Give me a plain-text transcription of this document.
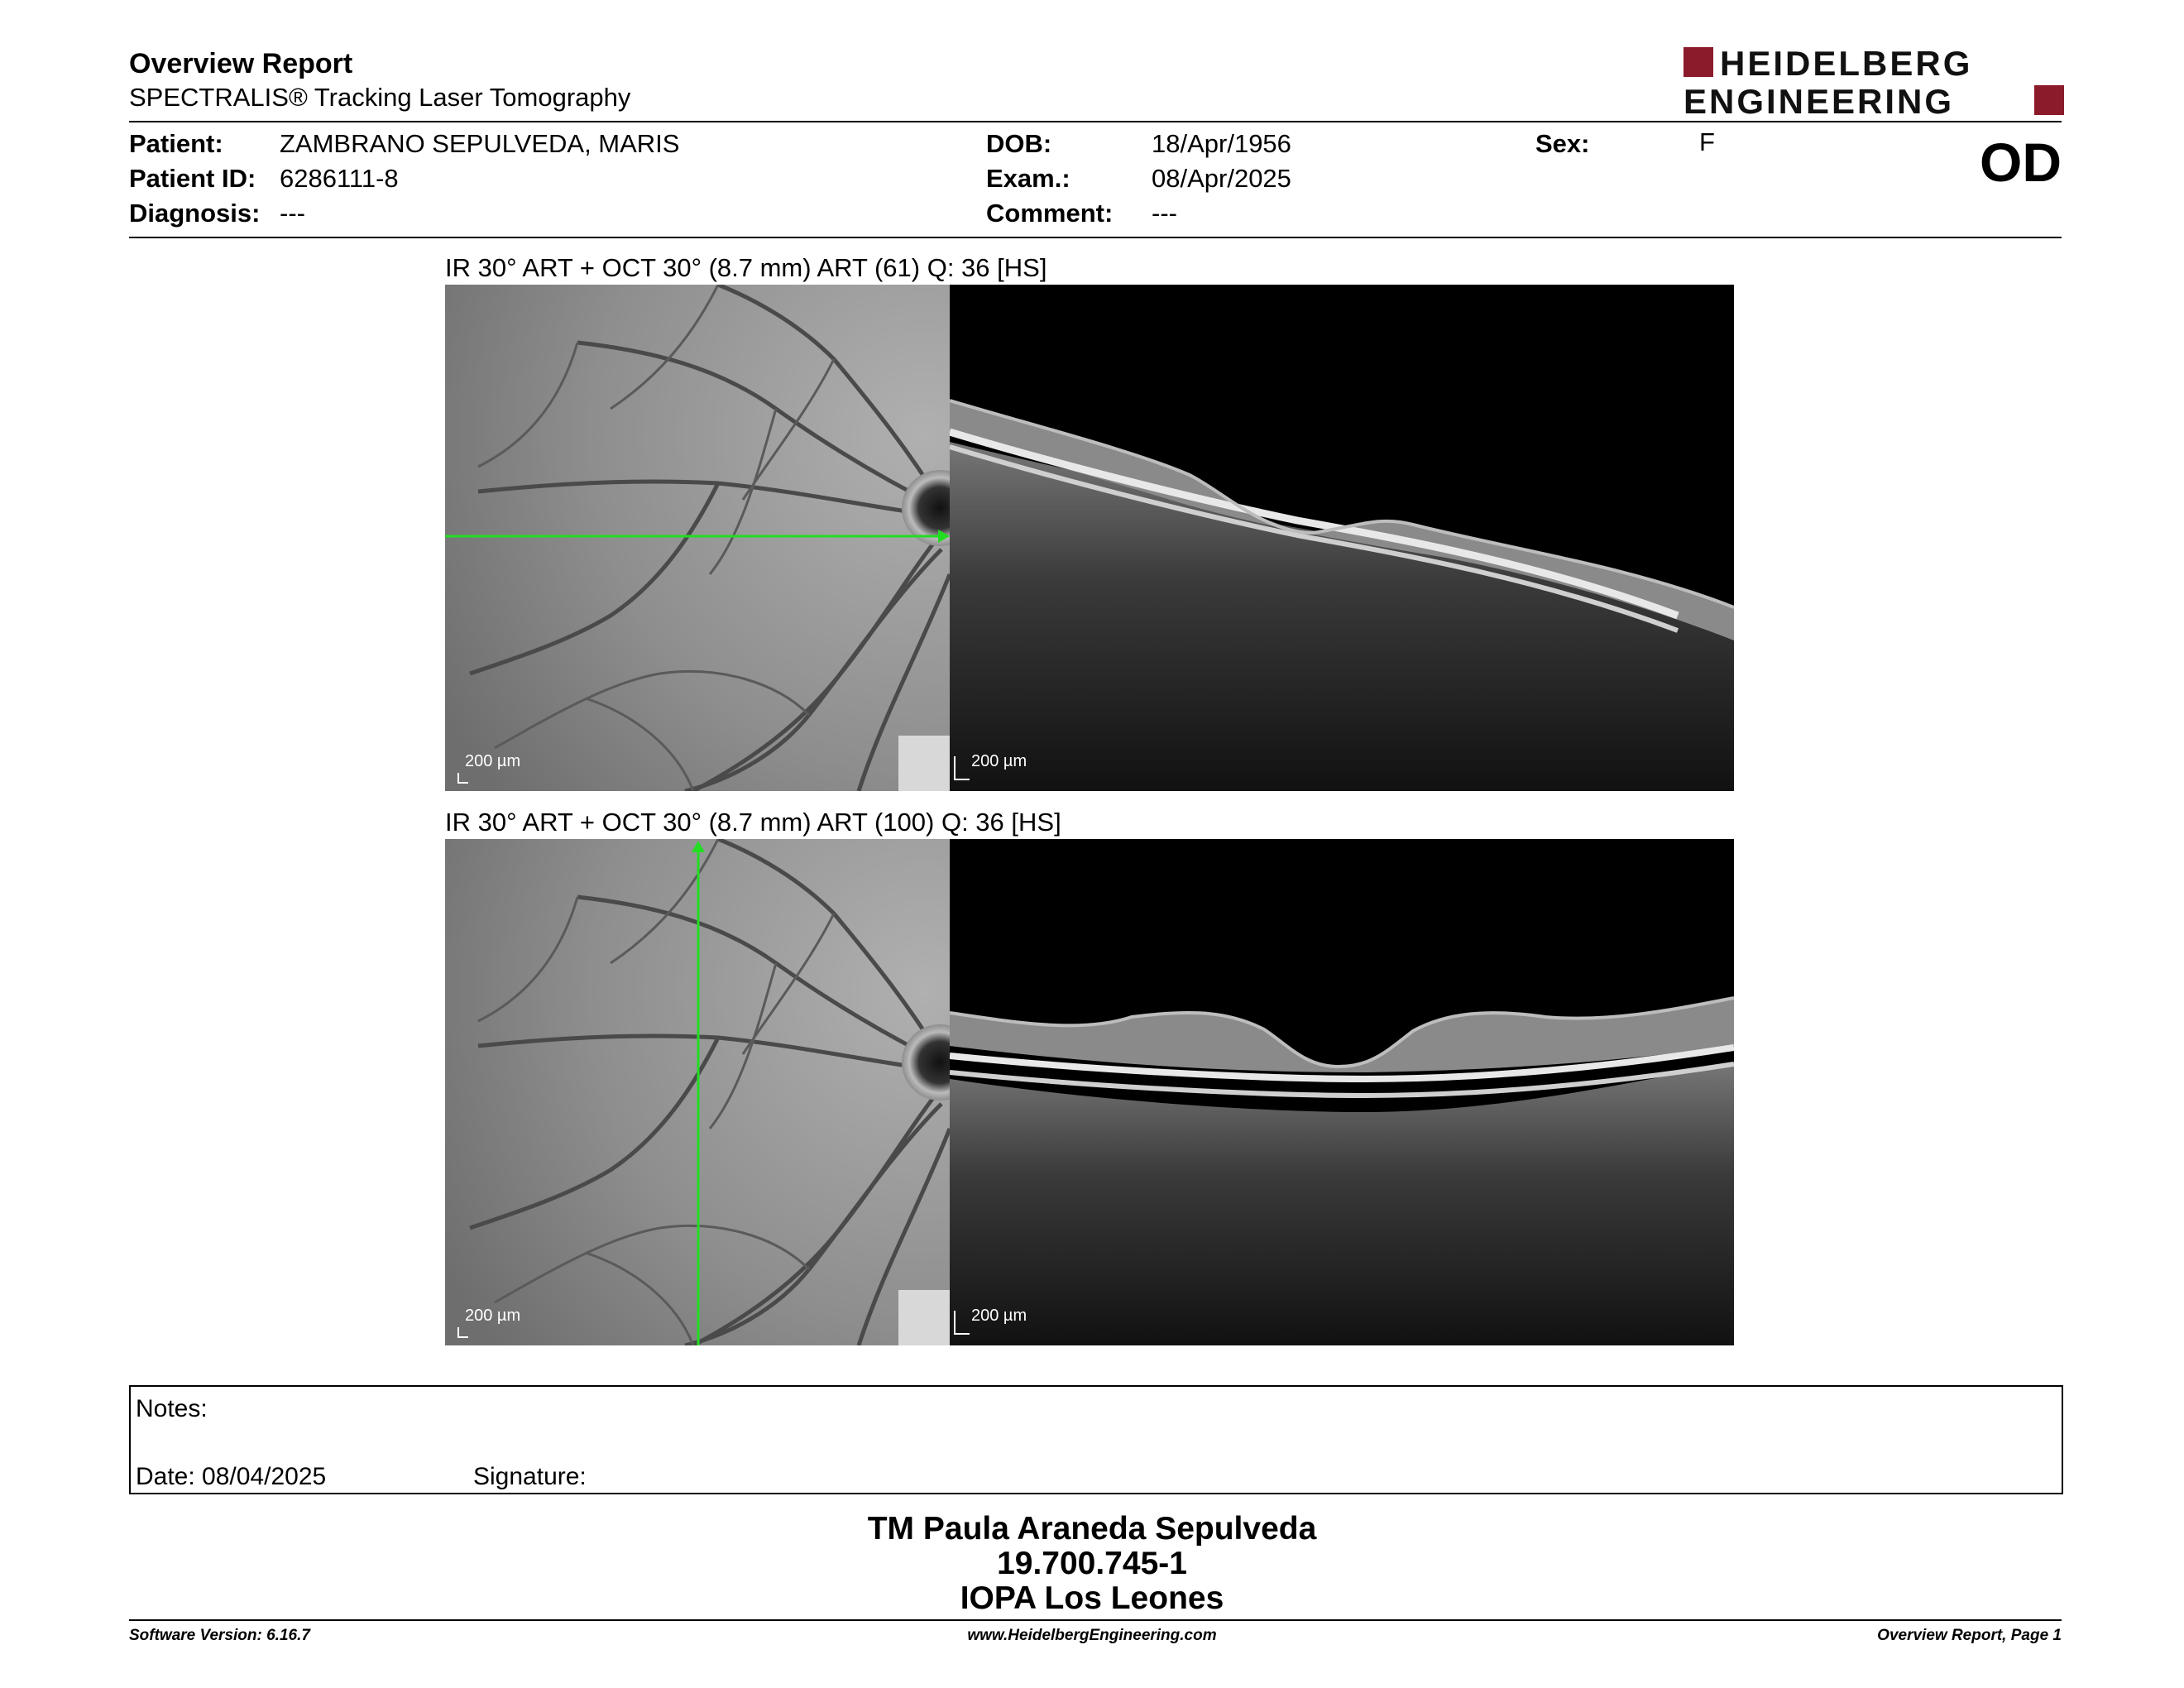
Overview Report
SPECTRALIS® Tracking Laser Tomography
HEIDELBERG
ENGINEERING
Patient: ZAMBRANO SEPULVEDA, MARIS
Patient ID: 6286111-8
Diagnosis: ---
DOB:	18/Apr/1956
Exam.:	08/Apr/2025
Comment: ---
Sex:	F	OD
IR 30° ART + OCT 30° (8.7 mm) ART (61) Q: 36 [HS]
200 µm	200 µm
IR 30° ART + OCT 30° (8.7 mm) ART (100) Q: 36 [HS]
200 µm	200 µm
Notes:
Date: 08/04/2025	Signature:
TM Paula Araneda Sepulveda
19.700.745-1
IOPA Los Leones
Software Version: 6.16.7	www.HeidelbergEngineering.com	Overview Report, Page 1
